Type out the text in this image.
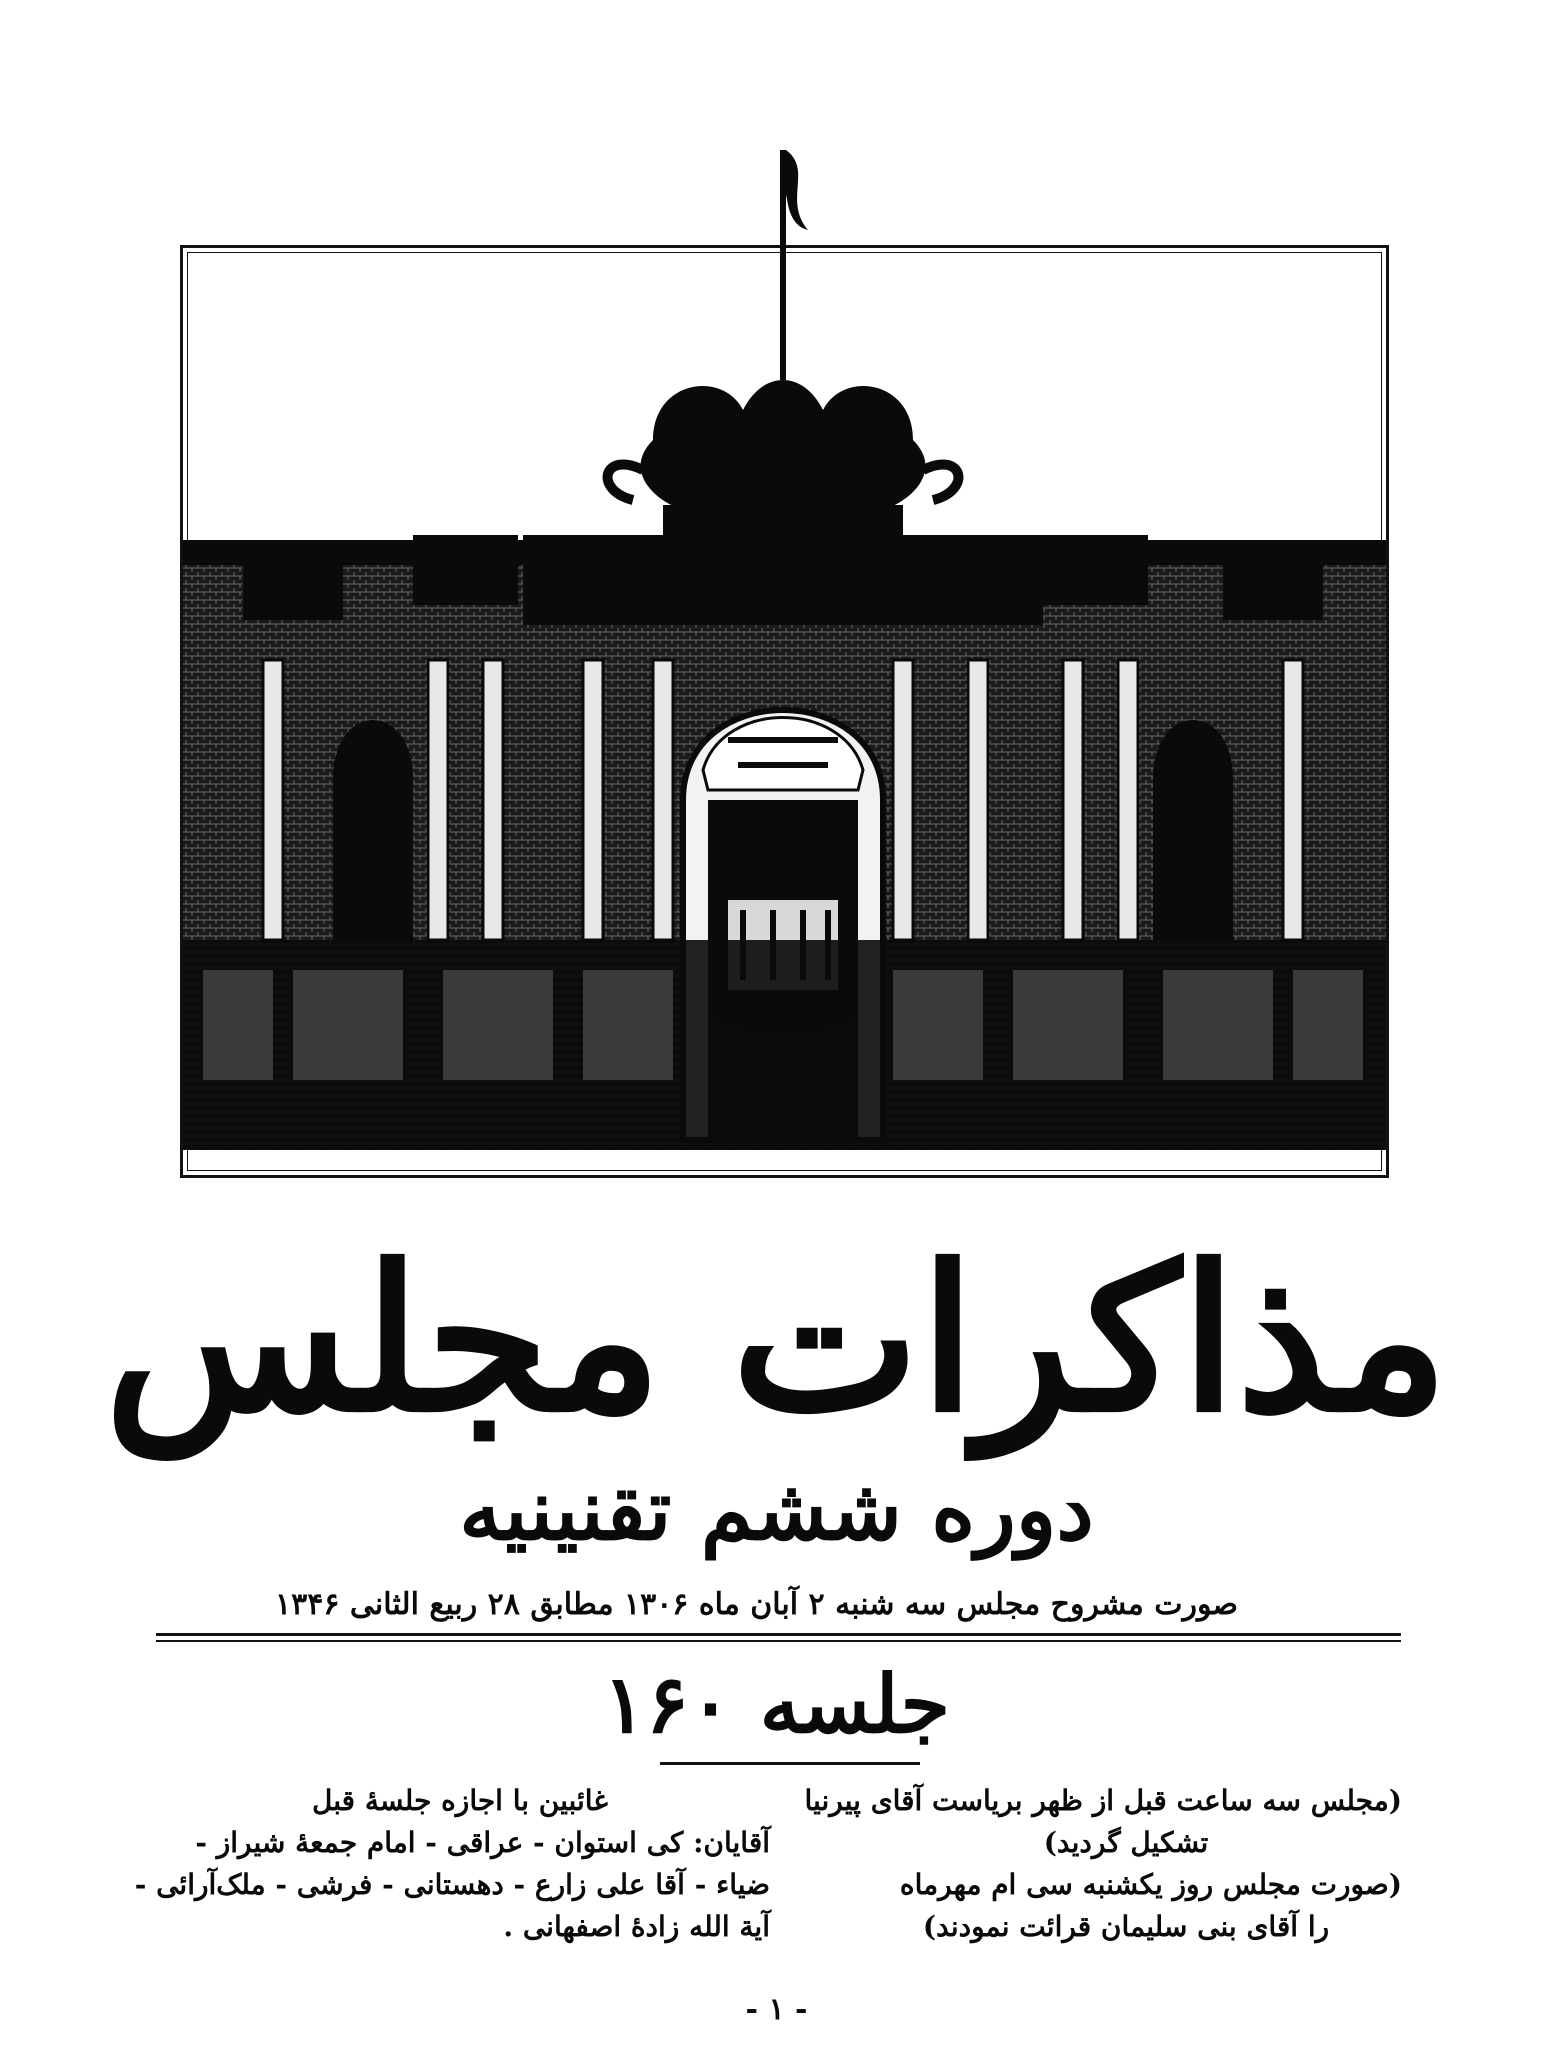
مذاکرات مجلس
دوره ششم تقنینیه
صورت مشروح مجلس سه شنبه ۲ آبان ماه ۱۳۰۶ مطابق ۲۸ ربیع الثانی ۱۳۴۶
جلسه ۱۶۰

(مجلس سه ساعت قبل از ظهر بریاست آقای پیرنیا

تشکیل گردید)

(صورت مجلس روز یکشنبه سی ام مهرماه

را آقای بنی سلیمان قرائت نمودند)

غائبین با اجازه جلسهٔ قبل

آقایان: کی استوان - عراقی - امام جمعهٔ شیراز -

ضیاء - آقا علی زارع - دهستانی - فرشی - ملک‌آرائی -

آیة الله زادهٔ اصفهانی .

- ۱ -
